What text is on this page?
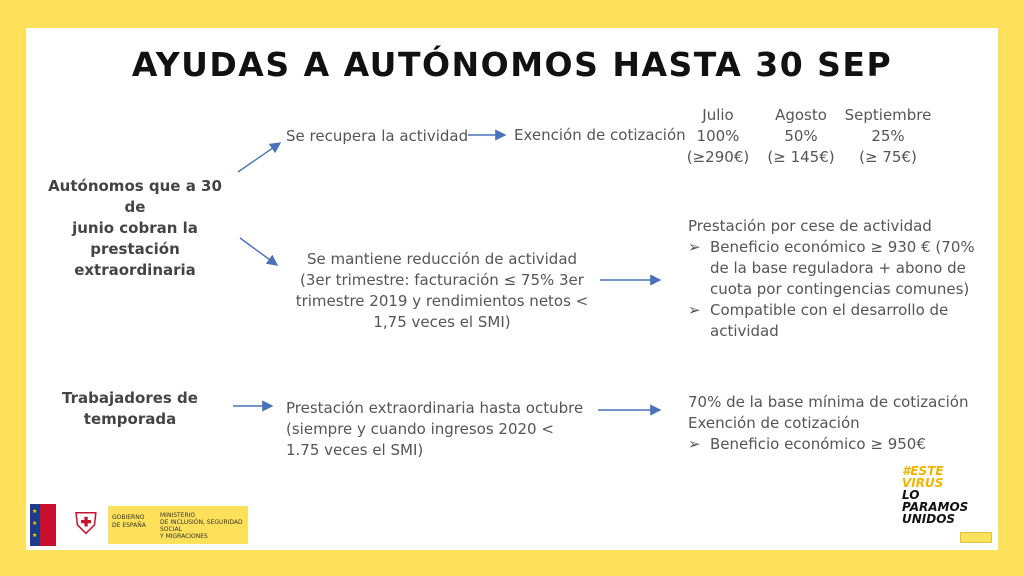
AYUDAS A AUTÓNOMOS HASTA 30 SEP
Autónomos que a 30 de
junio cobran la
prestación
extraordinaria
Trabajadores de
temporada
Se recupera la actividad	Exención de cotización
Julio
100%
(≥290€)
Agosto
50%
(≥ 145€)
Septiembre
25%
(≥ 75€)
Se mantiene reducción de actividad
(3er trimestre: facturación ≤ 75% 3er
trimestre 2019 y rendimientos netos <
1,75 veces el SMI)
Prestación por cese de actividad
➢ Beneficio económico ≥ 930 € (70%
de la base reguladora + abono de
cuota por contingencias comunes)
➢ Compatible con el desarrollo de
actividad
Prestación extraordinaria hasta octubre
(siempre y cuando ingresos 2020 <
1.75 veces el SMI)
70% de la base mínima de cotización
Exención de cotización
➢ Beneficio económico ≥ 950€
★
★
★ ⛨	GOBIERNO
DE ESPAÑA
MINISTERIO
DE INCLUSIÓN, SEGURIDAD SOCIAL
Y MIGRACIONES
#ESTE
VIRUS
LO
PARAMOS
UNIDOS
